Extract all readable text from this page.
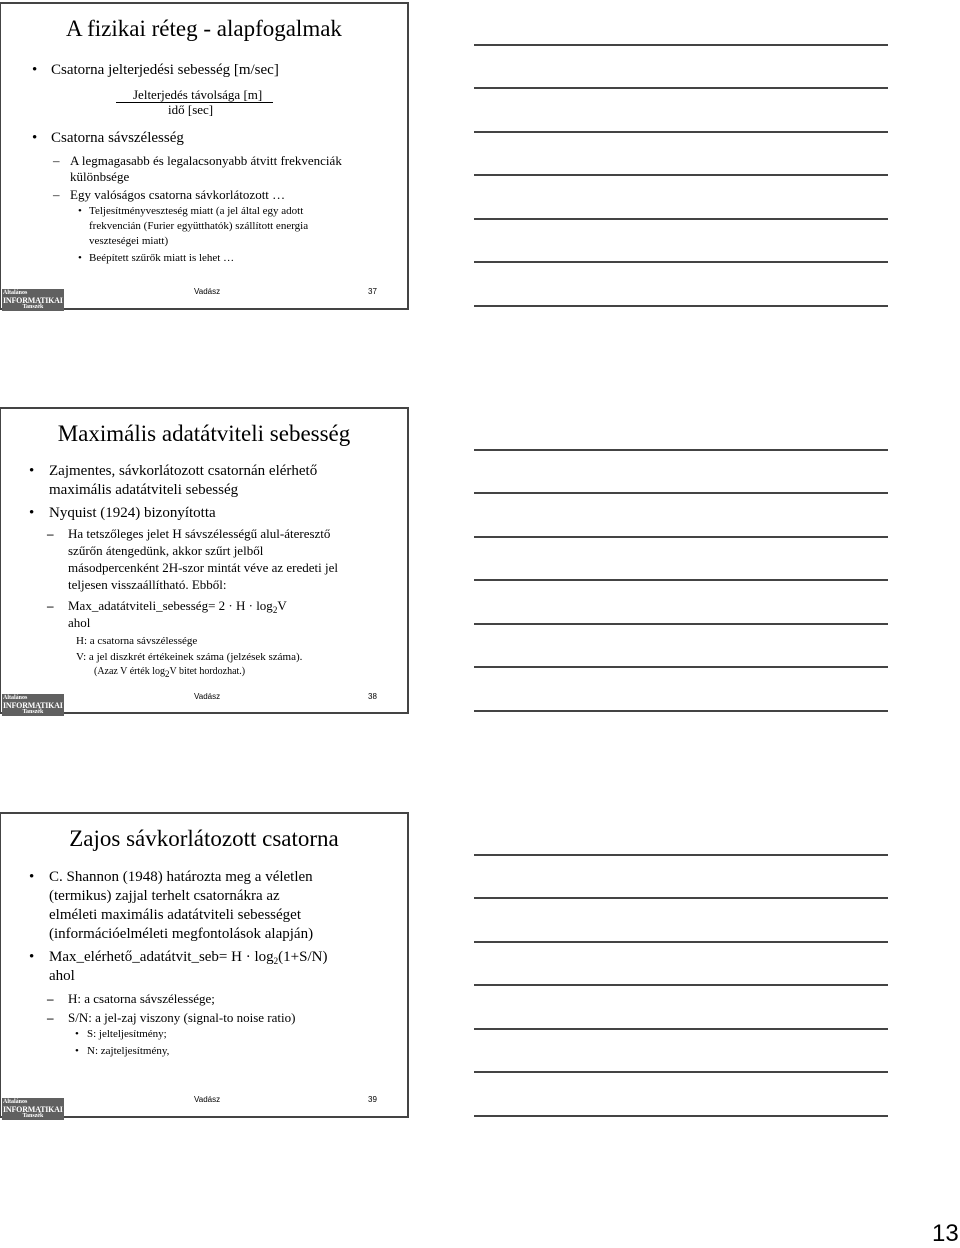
A fizikai réteg - alapfogalmak
• Csatorna jelterjedési sebesség [m/sec]
Jelterjedés távolsága [m]
idő [sec]
• Csatorna sávszélesség
– A legmagasabb és legalacsonyabb átvitt frekvenciák
különbsége
– Egy valóságos csatorna sávkorlátozott …
• Teljesítményveszteség miatt (a jel által egy adott
frekvencián (Furier együtthatók) szállított energia
veszteségei miatt)
• Beépített szűrők miatt is lehet …
Általános
INFORMATIKAI
Tanszék
Vadász	37
Maximális adatátviteli sebesség
• Zajmentes, sávkorlátozott csatornán elérhető
maximális adatátviteli sebesség
• Nyquist (1924) bizonyította
– Ha tetszőleges jelet H sávszélességű alul-áteresztő
szűrőn átengedünk, akkor szűrt jelből
másodpercenként 2H-szor mintát véve az eredeti jel
teljesen visszaállítható. Ebből:
– Max_adatátviteli_sebesség= $2 \cdot H \cdot \log_2V$
ahol
H: a csatorna sávszélessége
V: a jel diszkrét értékeinek száma (jelzések száma).
(Azaz V érték $\log_2V$ bitet hordozhat.)
Általános
INFORMATIKAI
Tanszék
Vadász	38
Zajos sávkorlátozott csatorna
• C. Shannon (1948) határozta meg a véletlen
(termikus) zajjal terhelt csatornákra az
elméleti maximális adatátviteli sebességet
(információelméleti megfontolások alapján)
• Max_elérhető_adatátvit_seb= $H \cdot \log_2(1+S/N)$
ahol
– H: a csatorna sávszélessége;
– S/N: a jel-zaj viszony (signal-to noise ratio)
• S: jelteljesítmény;
• N: zajteljesítmény,
Általános
INFORMATIKAI
Tanszék
Vadász	39
13
